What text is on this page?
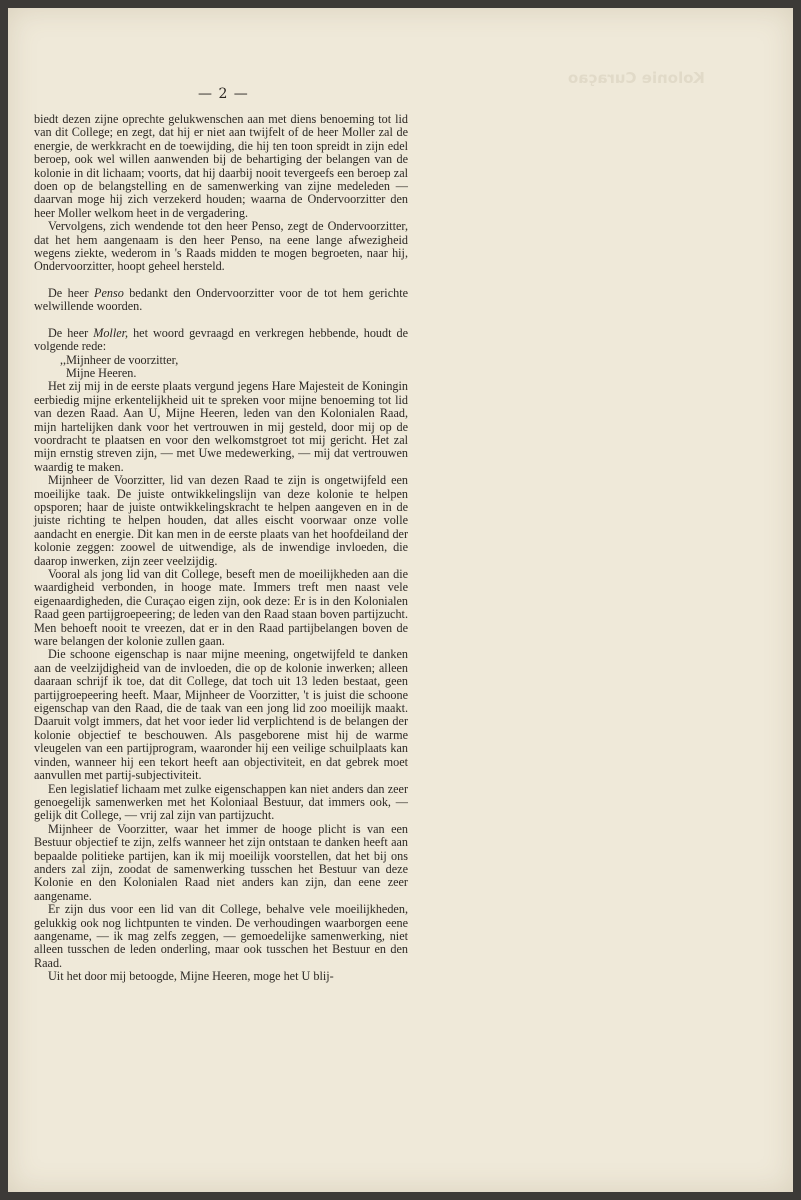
Kolonie Curaçao
— 2 —

biedt dezen zijne oprechte gelukwenschen aan met diens benoeming tot lid van dit College; en zegt, dat hij er niet aan twijfelt of de heer Moller zal de energie, de werkkracht en de toewijding, die hij ten toon spreidt in zijn edel beroep, ook wel willen aanwenden bij de behartiging der belangen van de kolonie in dit lichaam; voorts, dat hij daarbij nooit tevergeefs een beroep zal doen op de belangstelling en de samenwerking van zijne medeleden — daarvan moge hij zich verzekerd houden; waarna de Ondervoorzitter den heer Moller welkom heet in de vergadering.

Vervolgens, zich wendende tot den heer Penso, zegt de Ondervoorzitter, dat het hem aangenaam is den heer Penso, na eene lange afwezigheid wegens ziekte, wederom in 's Raads midden te mogen begroeten, naar hij, Ondervoorzitter, hoopt geheel hersteld.

De heer Penso bedankt den Ondervoorzitter voor de tot hem gerichte welwillende woorden.

De heer Moller, het woord gevraagd en verkregen hebbende, houdt de volgende rede:

,,Mijnheer de voorzitter,

Mijne Heeren.

Het zij mij in de eerste plaats vergund jegens Hare Majesteit de Koningin eerbiedig mijne erkentelijkheid uit te spreken voor mijne benoeming tot lid van dezen Raad. Aan U, Mijne Heeren, leden van den Kolonialen Raad, mijn hartelijken dank voor het vertrouwen in mij gesteld, door mij op de voordracht te plaatsen en voor den welkomstgroet tot mij gericht. Het zal mijn ernstig streven zijn, — met Uwe medewerking, — mij dat vertrouwen waardig te maken.

Mijnheer de Voorzitter, lid van dezen Raad te zijn is ongetwijfeld een moeilijke taak. De juiste ontwikkelingslijn van deze kolonie te helpen opsporen; haar de juiste ontwikkelingskracht te helpen aangeven en in de juiste richting te helpen houden, dat alles eischt voorwaar onze volle aandacht en energie. Dit kan men in de eerste plaats van het hoofdeiland der kolonie zeggen: zoowel de uitwendige, als de inwendige invloeden, die daarop inwerken, zijn zeer veelzijdig.

Vooral als jong lid van dit College, beseft men de moeilijkheden aan die waardigheid verbonden, in hooge mate. Immers treft men naast vele eigenaardigheden, die Curaçao eigen zijn, ook deze: Er is in den Kolonialen Raad geen partijgroepeering; de leden van den Raad staan boven partijzucht. Men behoeft nooit te vreezen, dat er in den Raad partijbelangen boven de ware belangen der kolonie zullen gaan.

Die schoone eigenschap is naar mijne meening, ongetwijfeld te danken aan de veelzijdigheid van de invloeden, die op de kolonie inwerken; alleen daaraan schrijf ik toe, dat dit College, dat toch uit 13 leden bestaat, geen partijgroepeering heeft. Maar, Mijnheer de Voorzitter, 't is juist die schoone eigenschap van den Raad, die de taak van een jong lid zoo moeilijk maakt. Daaruit volgt immers, dat het voor ieder lid verplichtend is de belangen der kolonie objectief te beschouwen. Als pasgeborene mist hij de warme vleugelen van een partijprogram, waaronder hij een veilige schuilplaats kan vinden, wanneer hij een tekort heeft aan objectiviteit, en dat gebrek moet aanvullen met partij-subjectiviteit.

Een legislatief lichaam met zulke eigenschappen kan niet anders dan zeer genoegelijk samenwerken met het Koloniaal Bestuur, dat immers ook, — gelijk dit College, — vrij zal zijn van partijzucht.

Mijnheer de Voorzitter, waar het immer de hooge plicht is van een Bestuur objectief te zijn, zelfs wanneer het zijn ontstaan te danken heeft aan bepaalde politieke partijen, kan ik mij moeilijk voorstellen, dat het bij ons anders zal zijn, zoodat de samenwerking tusschen het Bestuur van deze Kolonie en den Kolonialen Raad niet anders kan zijn, dan eene zeer aangename.

Er zijn dus voor een lid van dit College, behalve vele moeilijkheden, gelukkig ook nog lichtpunten te vinden. De verhoudingen waarborgen eene aangename, — ik mag zelfs zeggen, — gemoedelijke samenwerking, niet alleen tusschen de leden onderling, maar ook tusschen het Bestuur en den Raad.

Uit het door mij betoogde, Mijne Heeren, moge het U blij-
